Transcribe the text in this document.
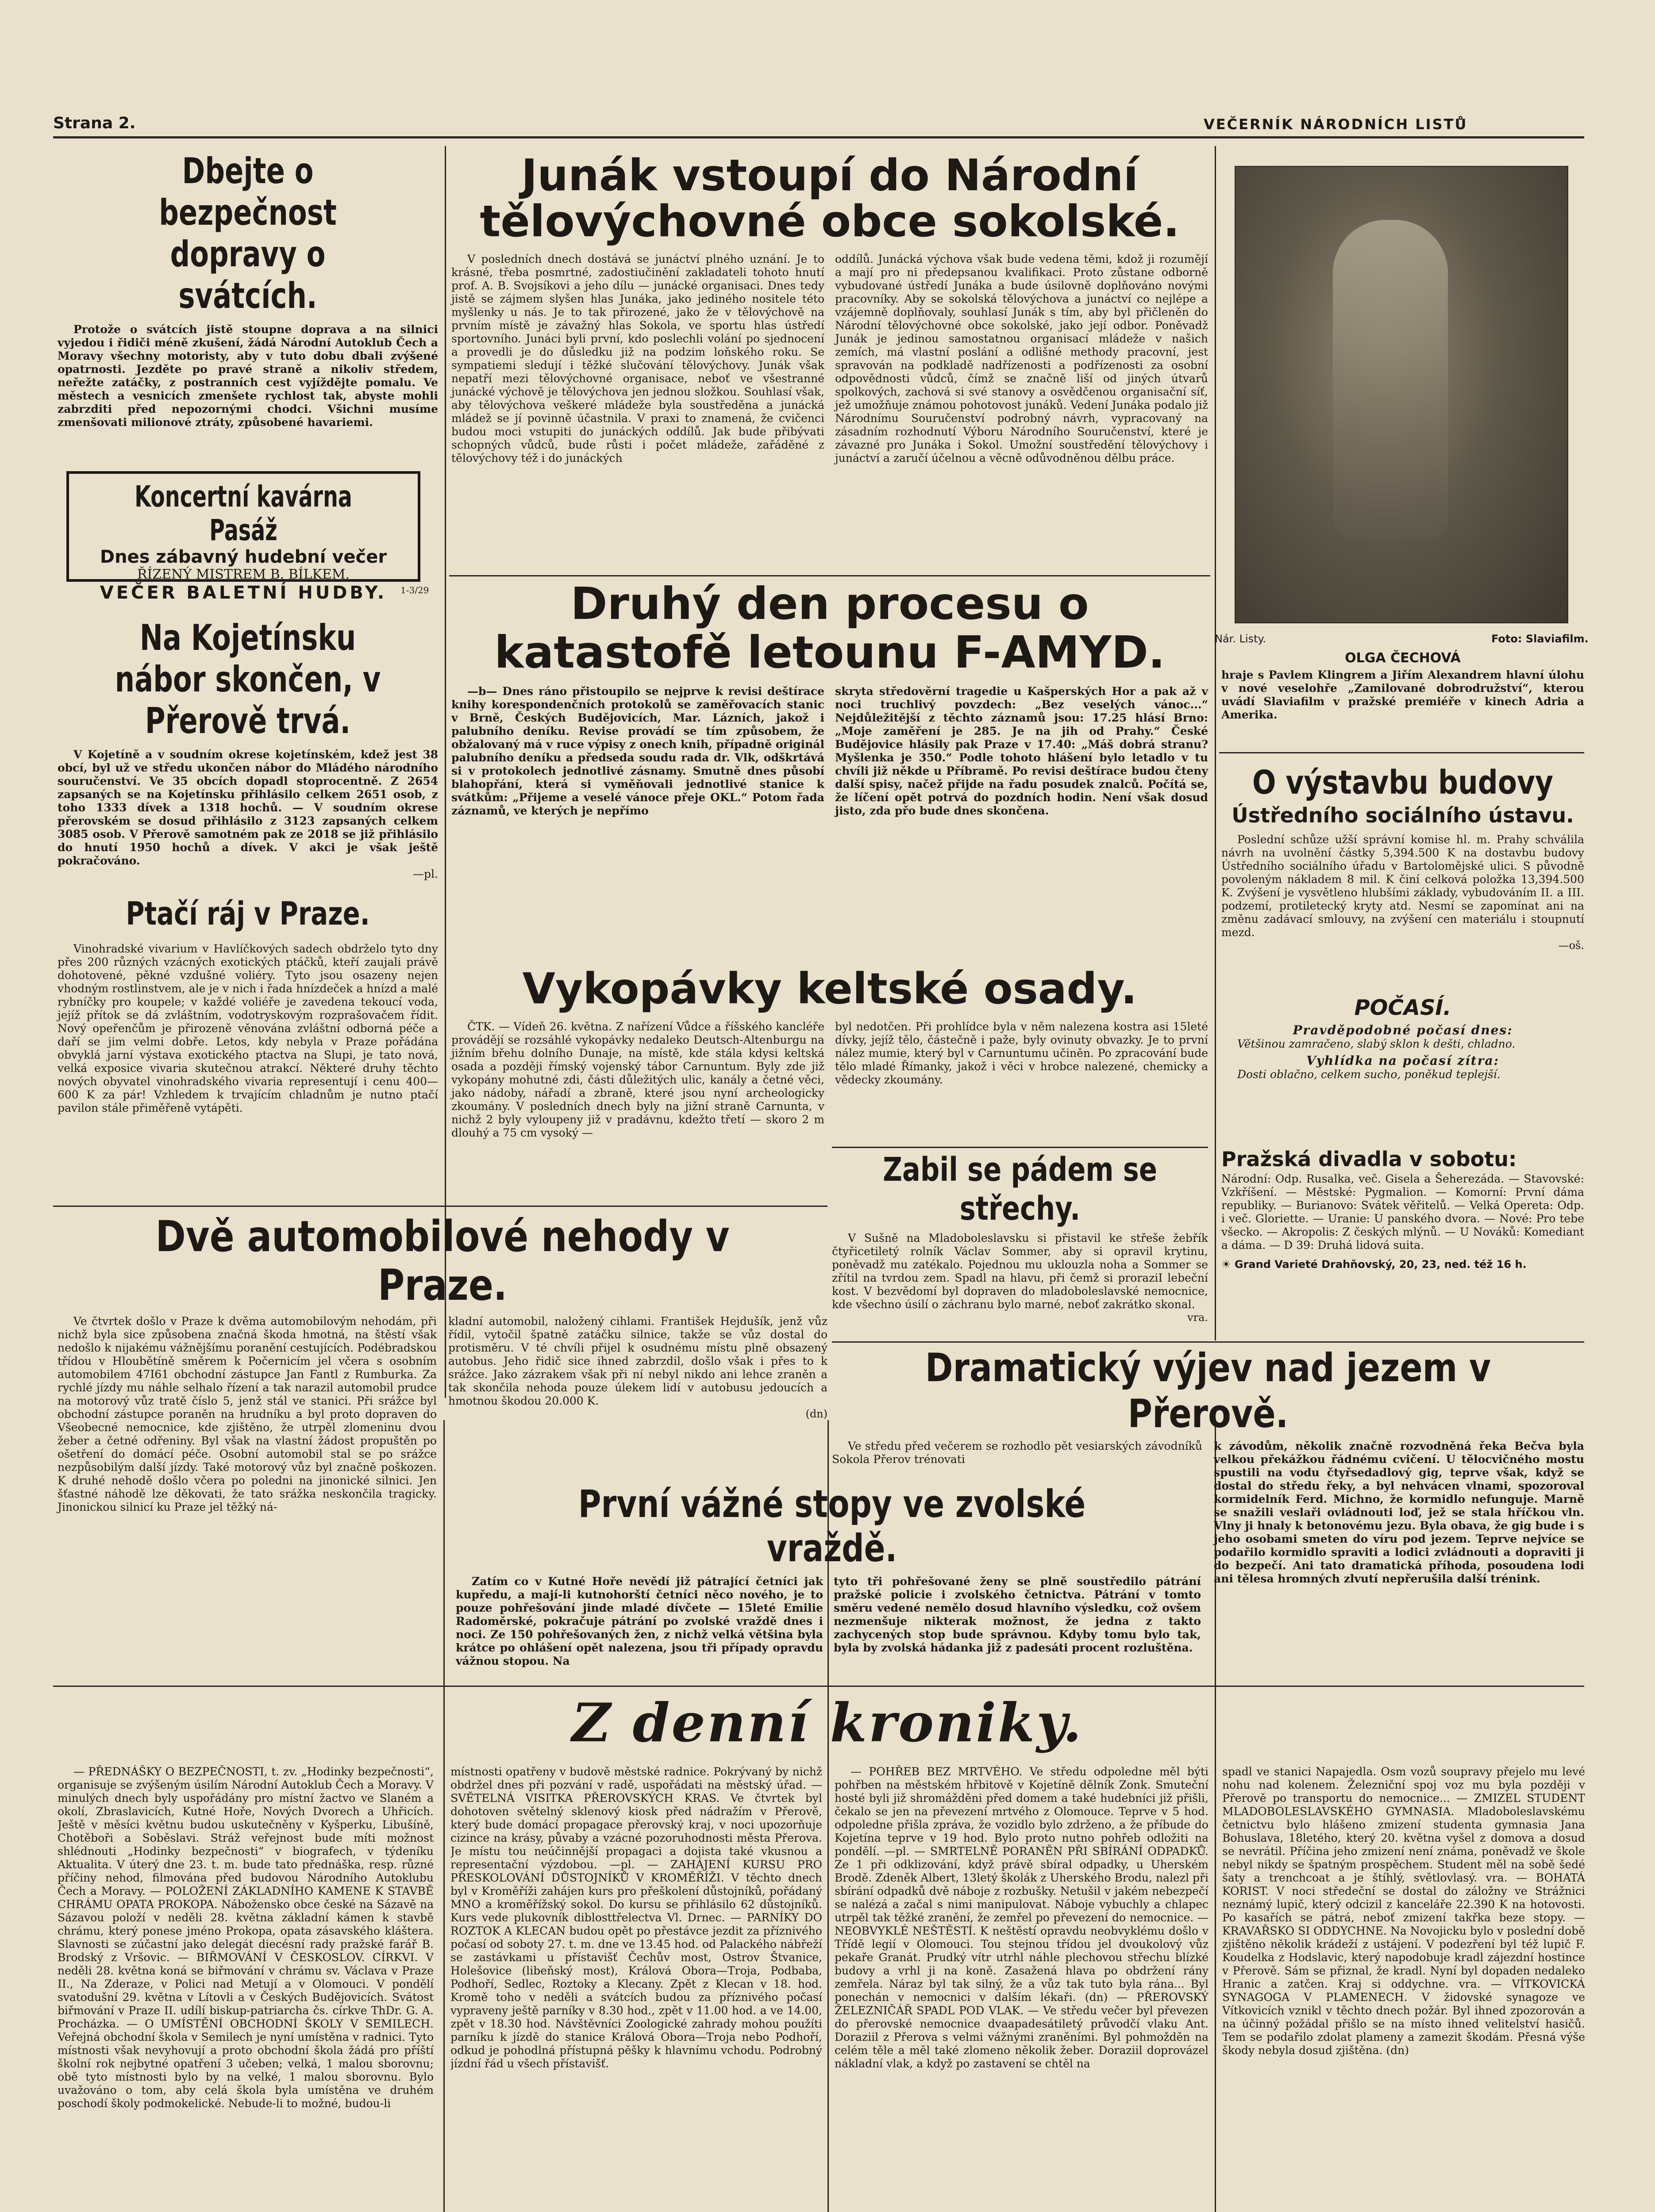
Strana 2.	VEČERNÍK NÁRODNÍCH LISTŮ
Dbejte o bezpečnost dopravy o svátcích.

Protože o svátcích jistě stoupne doprava a na silnici vyjedou i řidiči méně zkušení, žádá Národní Autoklub Čech a Moravy všechny motoristy, aby v tuto dobu dbali zvýšené opatrnosti. Jezděte po pravé straně a nikoliv středem, neřežte zatáčky, z postranních cest vyjíždějte pomalu. Ve městech a vesnicích zmenšete rychlost tak, abyste mohli zabrzditi před nepozornými chodci. Všichni musíme zmenšovati milionové ztráty, způsobené havariemi.

Koncertní kavárna Pasáž
Dnes zábavný hudební večer
ŘÍZENÝ MISTREM B. BÍLKEM.
VEČER BALETNÍ HUDBY.	1-3/29
Na Kojetínsku nábor skončen, v Přerově trvá.

V Kojetíně a v soudním okrese kojetínském, kdež jest 38 obcí, byl už ve středu ukončen nábor do Mládého národního souručenství. Ve 35 obcích dopadl stoprocentně. Z 2654 zapsaných se na Kojetínsku přihlásilo celkem 2651 osob, z toho 1333 dívek a 1318 hochů. — V soudním okrese přerovském se dosud přihlásilo z 3123 zapsaných celkem 3085 osob. V Přerově samotném pak ze 2018 se již přihlásilo do hnutí 1950 hochů a dívek. V akci je však ještě pokračováno.

—pl.
Ptačí ráj v Praze.

Vinohradské vivarium v Havlíčkových sadech obdrželo tyto dny přes 200 různých vzácných exotických ptáčků, kteří zaujali právě dohotovené, pěkné vzdušné voliéry. Tyto jsou osazeny nejen vhodným rostlinstvem, ale je v nich i řada hnízdeček a hnízd a malé rybníčky pro koupele; v každé voliéře je zavedena tekoucí voda, jejíž přítok se dá zvláštním, vodotryskovým rozprašovačem řídit. Nový opeřenčům je přirozeně věnována zvláštní odborná péče a daří se jim velmi dobře. Letos, kdy nebyla v Praze pořádána obvyklá jarní výstava exotického ptactva na Slupi, je tato nová, velká exposice vivaria skutečnou atrakcí. Některé druhy těchto nových obyvatel vinohradského vivaria representují i cenu 400—600 K za pár! Vzhledem k trvajícím chladnům je nutno ptačí pavilon stále přiměřeně vytápěti.

Junák vstoupí do Národní tělovýchovné obce sokolské.

V posledních dnech dostává se junáctví plného uznání. Je to krásné, třeba posmrtné, zadostiučinění zakladateli tohoto hnutí prof. A. B. Svojsíkovi a jeho dílu — junácké organisaci. Dnes tedy jistě se zájmem slyšen hlas Junáka, jako jediného nositele této myšlenky u nás. Je to tak přirozené, jako že v tělovýchově na prvním místě je závažný hlas Sokola, ve sportu hlas ústředí sportovního. Junáci byli první, kdo poslechli volání po sjednocení a provedli je do důsledku již na podzim loňského roku. Se sympatiemi sledují i těžké slučování tělovýchovy. Junák však nepatří mezi tělovýchovné organisace, neboť ve všestranné junácké výchově je tělovýchova jen jednou složkou. Souhlasí však, aby tělovýchova veškeré mládeže byla soustředěna a junácká mládež se jí povinně účastnila. V praxi to znamená, že cvičenci budou moci vstupiti do junáckých oddílů. Jak bude přibývati schopných vůdců, bude růsti i počet mládeže, zařáděné z tělovýchovy též i do junáckých

oddílů. Junácká výchova však bude vedena těmi, kdož ji rozumějí a mají pro ni předepsanou kvalifikaci. Proto zůstane odborně vybudované ústředí Junáka a bude úsilovně doplňováno novými pracovníky. Aby se sokolská tělovýchova a junáctví co nejlépe a vzájemně doplňovaly, souhlasí Junák s tím, aby byl přičleněn do Národní tělovýchovné obce sokolské, jako její odbor. Poněvadž Junák je jedinou samostatnou organisací mládeže v našich zemích, má vlastní poslání a odlišné methody pracovní, jest spravován na podkladě nadřízenosti a podřízenosti za osobní odpovědnosti vůdců, čímž se značně liší od jiných útvarů spolkových, zachová si své stanovy a osvědčenou organisační síť, jež umožňuje známou pohotovost junáků. Vedení Junáka podalo již Národnímu Souručenství podrobný návrh, vypracovaný na zásadním rozhodnutí Výboru Národního Souručenství, které je závazné pro Junáka i Sokol. Umožní soustředění tělovýchovy i junáctví a zaručí účelnou a věcně odůvodněnou dělbu práce.

Druhý den procesu o katastofě letounu F-AMYD.

—b— Dnes ráno přistoupilo se nejprve k revisi deštírace knihy korespondenčních protokolů se zaměřovacích stanic v Brně, Českých Budějovicích, Mar. Lázních, jakož i palubního deníku. Revise provádí se tím způsobem, že obžalovaný má v ruce výpisy z onech knih, případně originál palubního deníku a předseda soudu rada dr. Vlk, odškrtává si v protokolech jednotlivé zásnamy. Smutně dnes působí blahopřání, která si vyměňovali jednotlivé stanice k svátkům: „Přijeme a veselé vánoce přeje OKL.“ Potom řada záznamů, ve kterých je nepřímo

skryta středověrní tragedie u Kašperských Hor a pak až v noci truchlivý povzdech: „Bez veselých vánoc...“ Nejdůležitější z těchto záznamů jsou: 17.25 hlásí Brno: „Moje zaměření je 285. Je na jih od Prahy.“ České Budějovice hlásily pak Praze v 17.40: „Máš dobrá stranu? Myšlenka je 350.“ Podle tohoto hlášení bylo letadlo v tu chvíli již někde u Příbramě. Po revisi deštírace budou čteny další spisy, načež přijde na řadu posudek znalců. Počítá se, že líčení opět potrvá do pozdních hodin. Není však dosud jisto, zda přo bude dnes skončena.

Vykopávky keltské osady.

ČTK. — Vídeň 26. května. Z nařízení Vůdce a říšského kancléře provádějí se rozsáhlé vykopávky nedaleko Deutsch-Altenburgu na jižním břehu dolního Dunaje, na místě, kde stála kdysi keltská osada a později římský vojenský tábor Carnuntum. Byly zde již vykopány mohutné zdi, části důležitých ulic, kanály a četné věci, jako nádoby, nářadí a zbraně, které jsou nyní archeologicky zkoumány. V posledních dnech byly na jižní straně Carnunta, v nichž 2 byly vyloupeny již v pradávnu, kdežto třetí — skoro 2 m dlouhý a 75 cm vysoký —

byl nedotčen. Při prohlídce byla v něm nalezena kostra asi 15leté dívky, jejíž tělo, částečně i paže, byly ovinuty obvazky. Je to první nález mumie, který byl v Carnuntumu učiněn. Po zpracování bude tělo mladé Římanky, jakož i věci v hrobce nalezené, chemicky a vědecky zkoumány.

Zabil se pádem se střechy.

V Sušně na Mladoboleslavsku si přistavil ke střeše žebřík čtyřicetiletý rolník Václav Sommer, aby si opravil krytinu, poněvadž mu zatékalo. Pojednou mu uklouzla noha a Sommer se zřítil na tvrdou zem. Spadl na hlavu, při čemž si proraziI lebeční kost. V bezvědomí byl dopraven do mladoboleslavské nemocnice, kde všechno úsilí o záchranu bylo marné, neboť zakrátko skonal.

vra.
Nár. Listy.	Foto: Slaviafilm.
OLGA ČECHOVÁ

hraje s Pavlem Klingrem a Jiřím Alexandrem hlavní úlohu v nové veselohře „Zamilované dobrodružství“, kterou uvádí Slaviafilm v pražské premiéře v kinech Adria a Amerika.

O výstavbu budovy
Ústředního sociálního ústavu.

Poslední schůze užší správní komise hl. m. Prahy schválila návrh na uvolnění částky 5,394.500 K na dostavbu budovy Ústředního sociálního úřadu v Bartolomějské ulici. S původně povoleným nákladem 8 mil. K činí celková položka 13,394.500 K. Zvýšení je vysvětleno hlubšími základy, vybudováním II. a III. podzemí, protiletecký kryty atd. Nesmí se zapomínat ani na změnu zadávací smlouvy, na zvýšení cen materiálu i stoupnutí mezd.

—oš.
POČASÍ.
Pravděpodobné počasí dnes:
Většinou zamračeno, slabý sklon k dešti, chladno.
Vyhlídka na počasí zítra:
Dosti oblačno, celkem sucho, poněkud teplejší.
Pražská divadla v sobotu:

Národní: Odp. Rusalka, več. Gisela a Šeherezáda. — Stavovské: Vzkříšení. — Městské: Pygmalion. — Komorní: První dáma republiky. — Burianovo: Svátek věřitelů. — Velká Opereta: Odp. i več. Gloriette. — Uranie: U panského dvora. — Nové: Pro tebe všecko. — Akropolis: Z českých mlýnů. — U Nováků: Komediant a dáma. — D 39: Druhá lidová suita.

☀ Grand Varieté Drahňovský, 20, 23, ned. též 16 h.
Dvě automobilové nehody v Praze.

Ve čtvrtek došlo v Praze k dvěma automobilovým nehodám, při nichž byla sice způsobena značná škoda hmotná, na štěstí však nedošlo k nijakému vážnějšímu poranění cestujících. Podébradskou třídou v Hloubětíně směrem k Počernicím jel včera s osobním automobilem 47I61 obchodní zástupce Jan Fantl z Rumburka. Za rychlé jízdy mu náhle selhalo řízení a tak narazil automobil prudce na motorový vůz tratě číslo 5, jenž stál ve stanici. Při srážce byl obchodní zástupce poraněn na hrudníku a byl proto dopraven do Všeobecné nemocnice, kde zjištěno, že utrpěl zlomeninu dvou žeber a četné odřeniny. Byl však na vlastní žádost propuštěn po ošetření do domácí péče. Osobní automobil stal se po srážce nezpůsobilým další jízdy. Také motorový vůz byl značně poškozen. K druhé nehodě došlo včera po poledni na jinonické silnici. Jen šťastné náhodě lze děkovati, že tato srážka neskončila tragicky. Jinonickou silnicí ku Praze jel těžký ná-

kladní automobil, naložený cihlami. František Hejdušík, jenž vůz řídil, vytočil špatně zatáčku silnice, takže se vůz dostal do protisměru. V té chvíli přijel k osudnému místu plně obsazený autobus. Jeho řidič sice ihned zabrzdil, došlo však i přes to k srážce. Jako zázrakem však při ní nebyl nikdo ani lehce zraněn a tak skončila nehoda pouze úlekem lidí v autobusu jedoucích a hmotnou škodou 20.000 K.

(dn)
Dramatický výjev nad jezem v Přerově.

Ve středu před večerem se rozhodlo pět vesiarských závodníků Sokola Přerov trénovati

k závodům, několik značně rozvodněná řeka Bečva byla velkou překážkou řádnému cvičení. U tělocvičného mostu spustili na vodu čtyřsedadlový gig, teprve však, když se dostal do středu řeky, a byl nehvácen vlnami, spozoroval kormidelník Ferd. Michno, že kormidlo nefunguje. Marně se snažili veslaři ovládnouti loď, jež se stala hříčkou vln. Vlny ji hnaly k betonovému jezu. Byla obava, že gig bude i s jeho osobami smeten do víru pod jezem. Teprve nejvíce se podařilo kormidlo spraviti a lodici zvládnouti a dopraviti ji do bezpečí. Ani tato dramatická příhoda, posoudena lodi ani tělesa hromných zlvutí nepřerušila další trénink.

První vážné stopy ve zvolské vraždě.

Zatím co v Kutné Hoře nevědí již pátrající četníci jak kupředu, a mají-li kutnohorští četníci něco nového, je to pouze pohřešování jinde mladé dívčete — 15leté Emilie Radoměrské, pokračuje pátrání po zvolské vraždě dnes i noci. Ze 150 pohřešovaných žen, z nichž velká většina byla krátce po ohlášení opět nalezena, jsou tři případy opravdu vážnou stopou. Na

tyto tři pohřešované ženy se plně soustředilo pátrání pražské policie i zvolského četnictva. Pátrání v tomto směru vedené nemělo dosud hlavního výsledku, což ovšem nezmenšuje nikterak možnost, že jedna z takto zachycených stop bude správnou. Kdyby tomu bylo tak, byla by zvolská hádanka již z padesáti procent rozluštěna.

Z denní kroniky.

— PŘEDNÁŠKY O BEZPEČNOSTI, t. zv. „Hodinky bezpečnosti“, organisuje se zvýšeným úsilím Národní Autoklub Čech a Moravy. V minulých dnech byly uspořádány pro místní žactvo ve Slaném a okolí, Zbraslavicích, Kutné Hoře, Nových Dvorech a Uhřicích. Ještě v měsíci květnu budou uskutečněny v Kyšperku, Libušíně, Chotěboři a Soběslavi. Stráž veřejnost bude míti možnost shlédnouti „Hodinky bezpečnosti“ v biografech, v týdeníku Aktualita. V úterý dne 23. t. m. bude tato přednáška, resp. různé příčiny nehod, filmována před budovou Národního Autoklubu Čech a Moravy. — POLOŽENÍ ZÁKLADNÍHO KAMENE K STAVBĚ CHRÁMU OPATA PROKOPA. Nábožensko obce české na Sázavě na Sázavou položí v neděli 28. května základní kámen k stavbě chrámu, který ponese jméno Prokopa, opata zásavského kláštera. Slavnosti se zúčastní jako delegát diecésní rady pražské farář B. Brodský z Vršovic. — BIŘMOVÁNÍ V ČESKOSLOV. CÍRKVI. V neděli 28. května koná se biřmování v chrámu sv. Václava v Praze II., Na Zderaze, v Polici nad Metují a v Olomouci. V pondělí svatodušní 29. května v Lítovli a v Českých Budějovicích. Svátost biřmování v Praze II. udílí biskup-patriarcha čs. církve ThDr. G. A. Procházka. — O UMÍSTĚNÍ OBCHODNÍ ŠKOLY V SEMILECH. Veřejná obchodní škola v Semilech je nyní umístěna v radnici. Tyto místnosti však nevyhovují a proto obchodní škola žádá pro příští školní rok nejbytné opatření 3 učeben; velká, 1 malou sborovnu; obě tyto místnosti bylo by na velké, 1 malou sborovnu. Bylo uvažováno o tom, aby celá škola byla umístěna ve druhém poschodí školy podmokelické. Nebude-li to možné, budou-li

místnosti opatřeny v budově městské radnice. Pokrývaný by nichž obdržel dnes při pozvání v radě, uspořádati na městský úřad. — SVĚTELNÁ VISITKA PŘEROVSKÝCH KRAS. Ve čtvrtek byl dohotoven světelný sklenový kiosk před nádražím v Přerově, který bude domácí propagace přerovský kraj, v noci upozorňuje cizince na krásy, půvaby a vzácné pozoruhodnosti města Přerova. Je místu tou neúčinnější propagaci a dojista také vkusnou a representační výzdobou. —pl. — ZAHÁJENÍ KURSU PRO PŘESKOLOVÁNÍ DŮSTOJNÍKŮ V KROMĚŘÍŽI. V těchto dnech byl v Kroměříži zahájen kurs pro přeškolení důstojníků, pořádaný MNO a kroměřížský sokol. Do kursu se přihlásilo 62 důstojníků. Kurs vede plukovník diblosttřelectva Vl. Drnec. — PARNÍKY DO ROZTOK A KLECAN budou opět po přestávce jezdit za příznivého počasí od soboty 27. t. m. dne ve 13.45 hod. od Palackého nábřeží se zastávkami u přístavišť Čechův most, Ostrov Štvanice, Holešovice (libeňský most), Králová Obora—Troja, Podbaba, Podhoří, Sedlec, Roztoky a Klecany. Zpět z Klecan v 18. hod. Kromě toho v neděli a svátcích budou za příznivého počasí vypraveny ještě parníky v 8.30 hod., zpět v 11.00 hod. a ve 14.00, zpět v 18.30 hod. Návštěvníci Zoologické zahrady mohou použíti parníku k jízdě do stanice Králová Obora—Troja nebo Podhoří, odkud je pohodlná přístupná pěšky k hlavnímu vchodu. Podrobný jízdní řád u všech přístavišť.

— POHŘEB BEZ MRTVÉHO. Ve středu odpoledne měl býti pohřben na městském hřbitově v Kojetíně dělník Zonk. Smuteční hosté byli již shromážděni před domem a také hudebníci již přišli, čekalo se jen na převezení mrtvého z Olomouce. Teprve v 5 hod. odpoledne přišla zpráva, že vozidlo bylo zdrženo, a že příbude do Kojetína teprve v 19 hod. Bylo proto nutno pohřeb odložiti na pondělí. —pl. — SMRTELNĚ PORANĚN PŘI SBÍRÁNÍ ODPADKŮ. Ze 1 při odklizování, když právě sbíral odpadky, u Uherském Brodě. Zdeněk Albert, 13letý školák z Uherského Brodu, nalezl při sbírání odpadků dvě náboje z rozbušky. Netušil v jakém nebezpečí se nalézá a začal s nimi manipulovat. Náboje vybuchly a chlapec utrpěl tak těžké zranění, že zemřel po převezení do nemocnice. — NEOBVYKLÉ NEŠTĚSTÍ. K neštěstí opravdu neobvyklému došlo v Třídě legií v Olomouci. Tou stejnou třídou jel dvoukolový vůz pekaře Granát. Prudký vítr utrhl náhle plechovou střechu blízké budovy a vrhl ji na koně. Zasažená hlava po obdržení rány zemřela. Náraz byl tak silný, že a vůz tak tuto byla rána... Byl ponechán v nemocnici v dalším lékaři. (dn) — PŘEROVSKÝ ŽELEZNIČÁŘ SPADL POD VLAK. — Ve středu večer byl převezen do přerovské nemocnice dvaapadesátiletý průvodčí vlaku Ant. Doraziil z Přerova s velmi vážnými zraněními. Byl pohmožděn na celém těle a měl také zlomeno několik žeber. Doraziil doprovázel nákladní vlak, a když po zastavení se chtěl na

spadl ve stanici Napajedla. Osm vozů soupravy přejelo mu levé nohu nad kolenem. Železniční spoj voz mu byla později v Přerově po transportu do nemocnice... — ZMIZEL STUDENT MLADOBOLESLAVSKÉHO GYMNASIA. Mladoboleslavskému četnictvu bylo hlášeno zmizení studenta gymnasia Jana Bohuslava, 18letého, který 20. května vyšel z domova a dosud se nevrátil. Příčina jeho zmizení není známa, poněvadž ve škole nebyl nikdy se špatným prospěchem. Student měl na sobě šedé šaty a trenchcoat a je štíhlý, světlovlasý. vra. — BOHATÁ KORIST. V noci středeční se dostal do záložny ve Strážnici neznámý lupič, který odcizil z kanceláře 22.390 K na hotovosti. Po kasařích se pátrá, neboť zmizení takřka beze stopy. — KRAVAŘSKO SI ODDYCHNE. Na Novojicku bylo v poslední době zjištěno několik krádeží z ustájení. V podezření byl též lupič F. Koudelka z Hodslavic, který napodobuje kradl zájezdní hostince v Přerově. Sám se přiznal, že kradl. Nyní byl dopaden nedaleko Hranic a zatčen. Kraj si oddychne. vra. — VÍTKOVICKÁ SYNAGOGA V PLAMENECH. V židovské synagoze ve Vítkovicích vznikl v těchto dnech požár. Byl ihned zpozorován a na účinný požádal přišlo se na místo ihned velitelství hasičů. Tem se podařilo zdolat plameny a zamezit škodám. Přesná výše škody nebyla dosud zjištěna. (dn)
